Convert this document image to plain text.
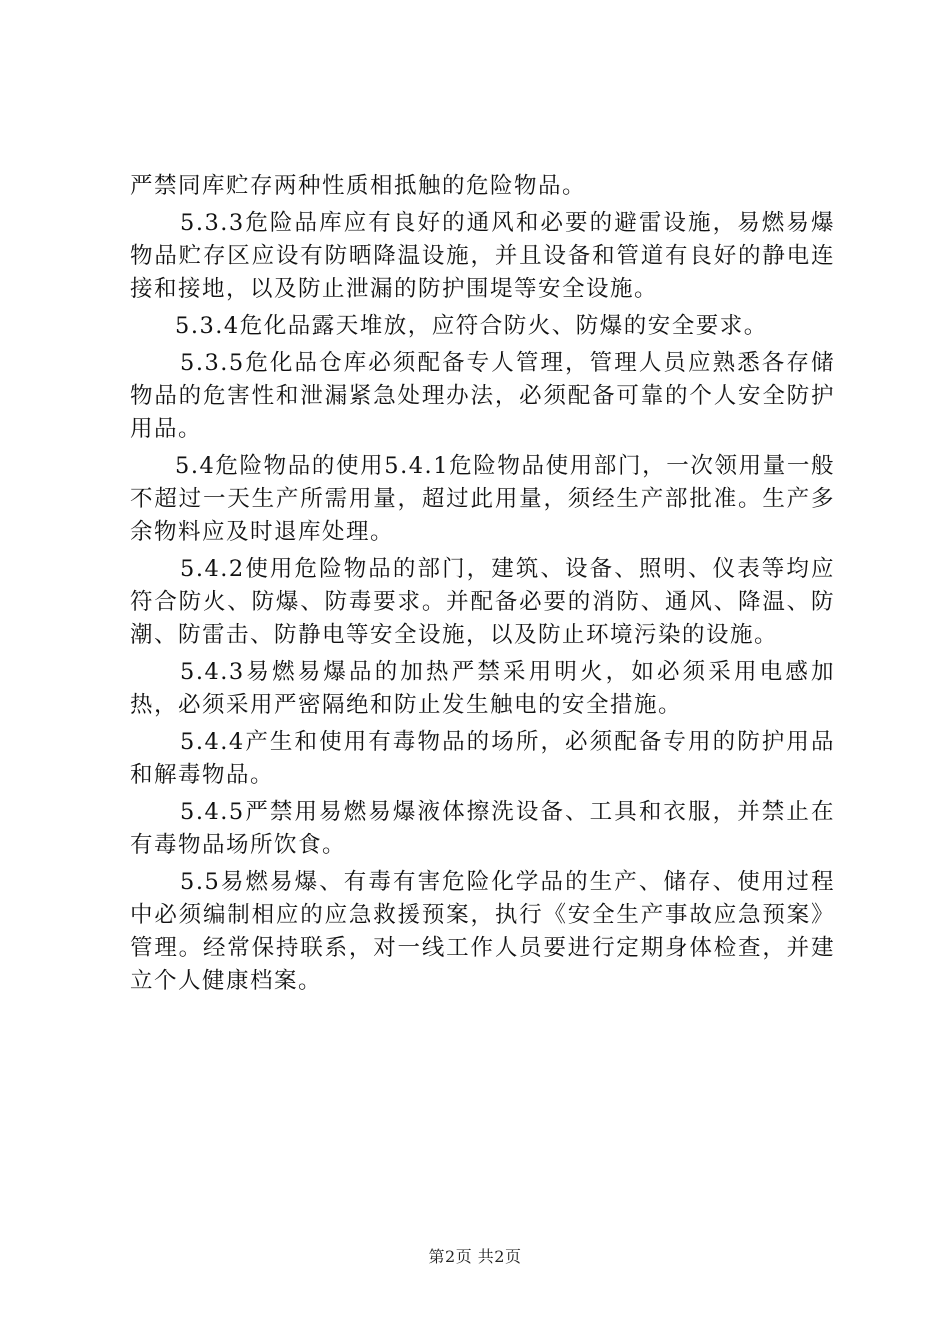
严禁同库贮存两种性质相抵触的危险物品。

5.3.3危险品库应有良好的通风和必要的避雷设施，易燃易爆物品贮存区应设有防晒降温设施，并且设备和管道有良好的静电连接和接地，以及防止泄漏的防护围堤等安全设施。

5.3.4危化品露天堆放，应符合防火、防爆的安全要求。

5.3.5危化品仓库必须配备专人管理，管理人员应熟悉各存储物品的危害性和泄漏紧急处理办法，必须配备可靠的个人安全防护用品。

5.4危险物品的使用5.4.1危险物品使用部门，一次领用量一般不超过一天生产所需用量，超过此用量，须经生产部批准。生产多余物料应及时退库处理。

5.4.2使用危险物品的部门，建筑、设备、照明、仪表等均应符合防火、防爆、防毒要求。并配备必要的消防、通风、降温、防潮、防雷击、防静电等安全设施，以及防止环境污染的设施。

5.4.3易燃易爆品的加热严禁采用明火，如必须采用电感加热，必须采用严密隔绝和防止发生触电的安全措施。

5.4.4产生和使用有毒物品的场所，必须配备专用的防护用品和解毒物品。

5.4.5严禁用易燃易爆液体擦洗设备、工具和衣服，并禁止在有毒物品场所饮食。

5.5易燃易爆、有毒有害危险化学品的生产、储存、使用过程中必须编制相应的应急救援预案，执行《安全生产事故应急预案》管理。经常保持联系，对一线工作人员要进行定期身体检查，并建立个人健康档案。

第2页 共2页
